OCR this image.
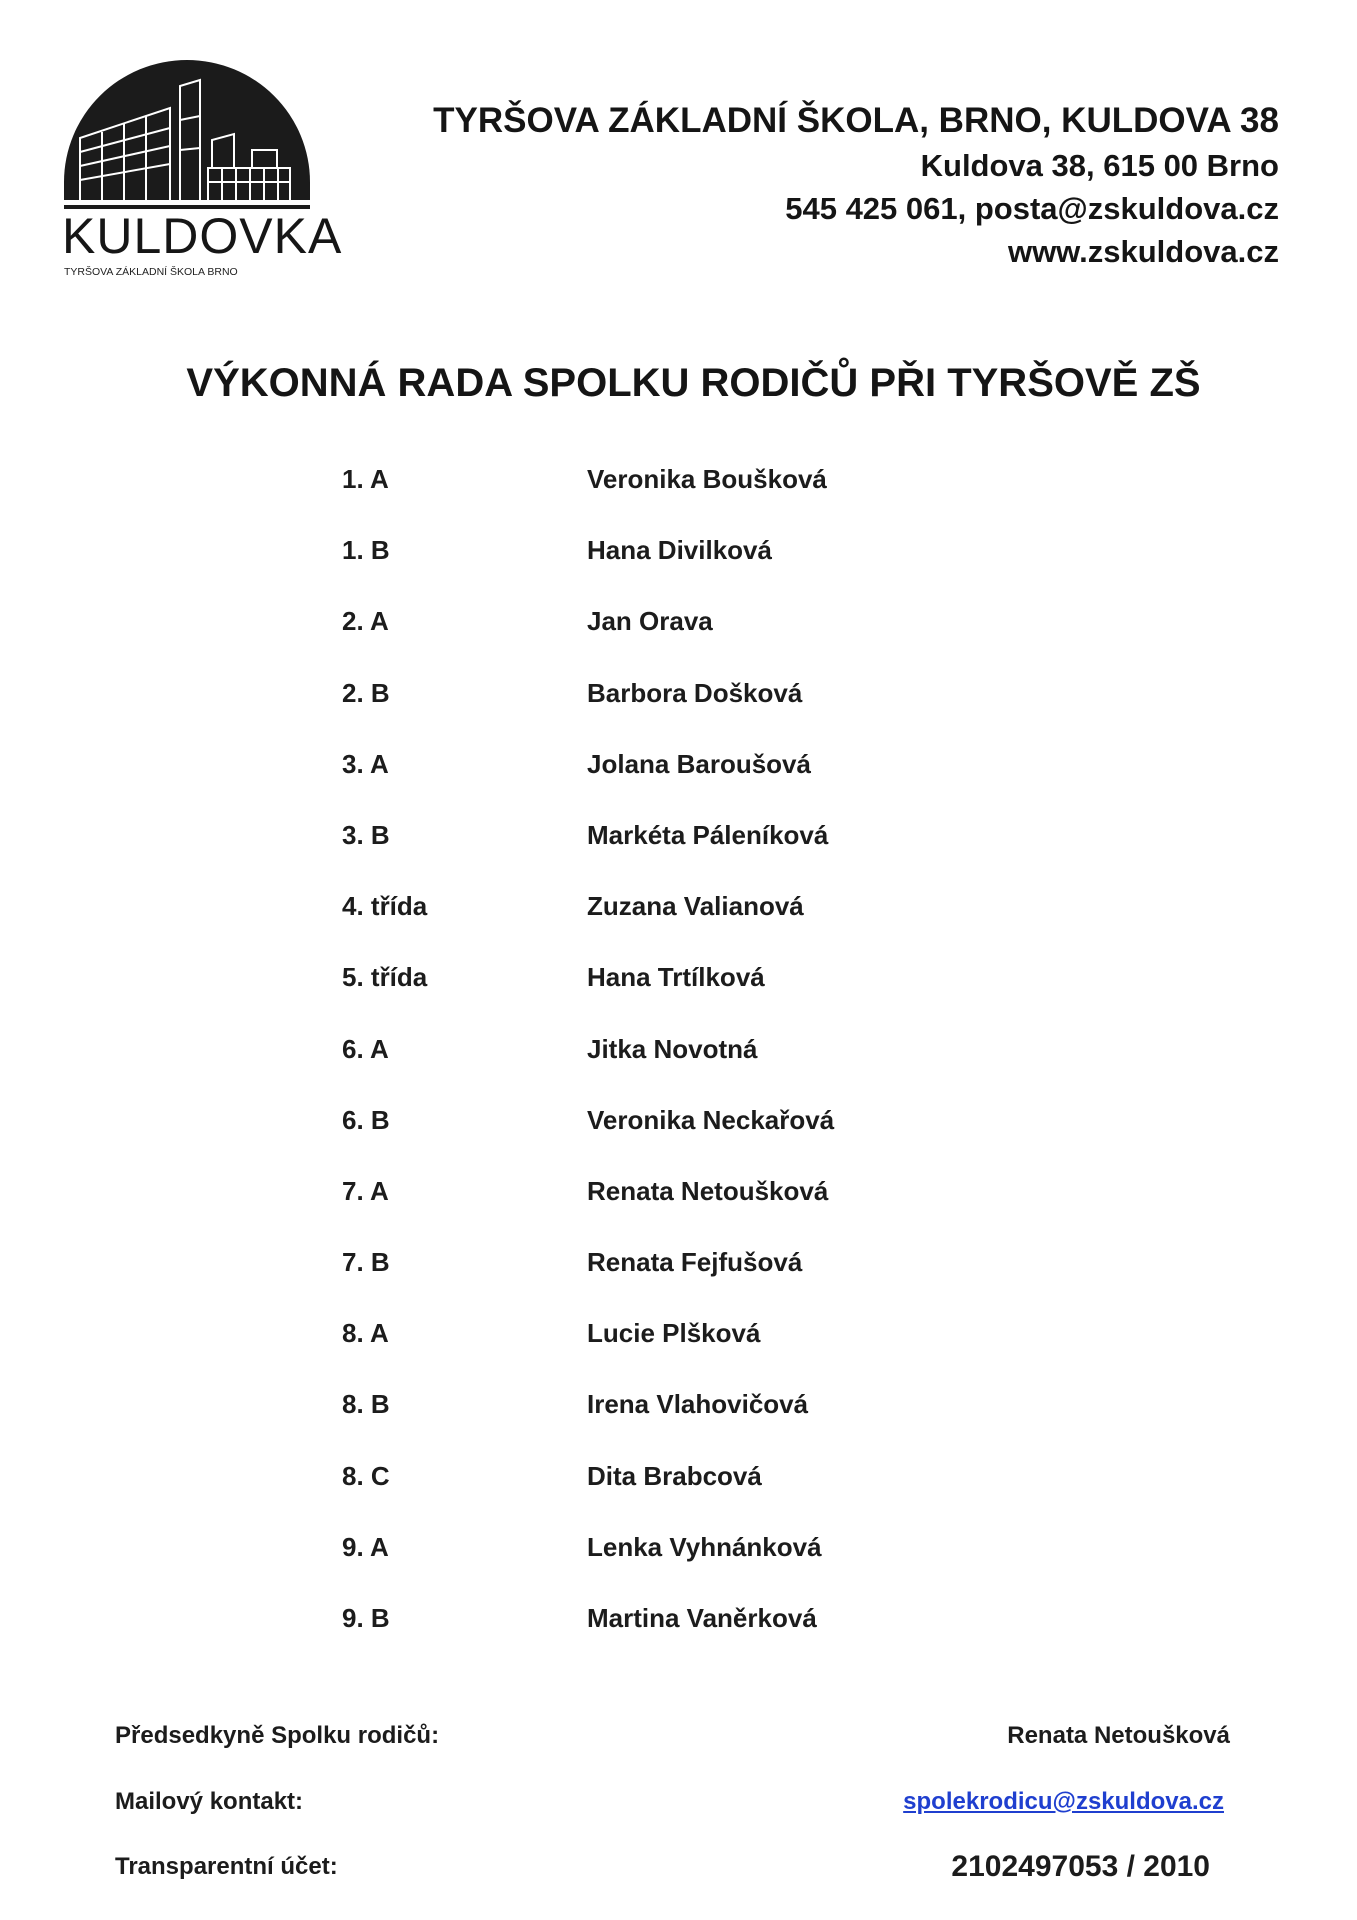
KULDOVKA
TYRŠOVA ZÁKLADNÍ ŠKOLA BRNO
TYRŠOVA ZÁKLADNÍ ŠKOLA, BRNO, KULDOVA 38
Kuldova 38, 615 00 Brno
545 425 061, posta@zskuldova.cz
www.zskuldova.cz
VÝKONNÁ RADA SPOLKU RODIČŮ PŘI TYRŠOVĚ ZŠ
1. A	Veronika Boušková
1. B	Hana Divilková
2. A	Jan Orava
2. B	Barbora Došková
3. A	Jolana Baroušová
3. B	Markéta Páleníková
4. třída	Zuzana Valianová
5. třída	Hana Trtílková
6. A	Jitka Novotná
6. B	Veronika Neckařová
7. A	Renata Netoušková
7. B	Renata Fejfušová
8. A	Lucie Plšková
8. B	Irena Vlahovičová
8. C	Dita Brabcová
9. A	Lenka Vyhnánková
9. B	Martina Vaněrková
Předsedkyně Spolku rodičů:	Renata Netoušková
Mailový kontakt:	spolekrodicu@zskuldova.cz
Transparentní účet:	2102497053 / 2010
